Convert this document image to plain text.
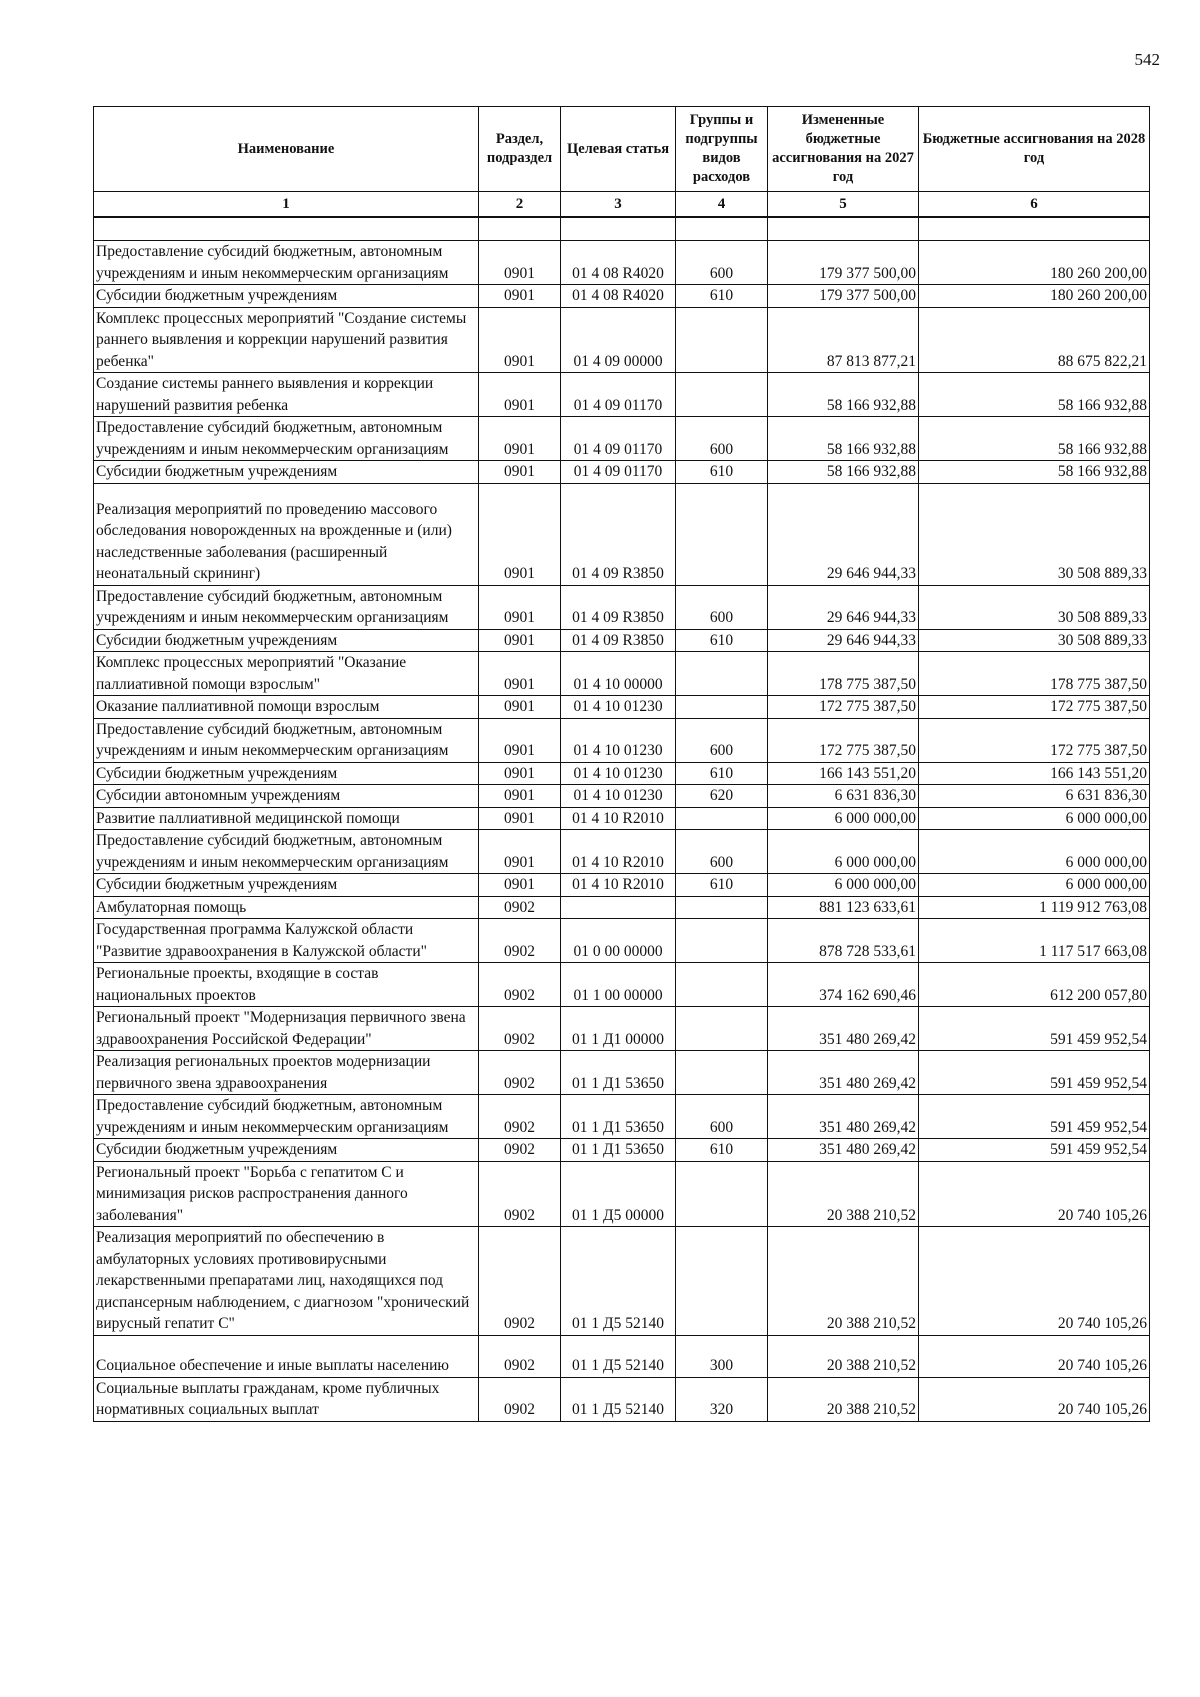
542
Наименование	Раздел, подраздел	Целевая статья	Группы и подгруппы видов расходов	Измененные бюджетные ассигнования на 2027 год	Бюджетные ассигнования на 2028 год
1	2	3	4	5	6

Предоставление субсидий бюджетным, автономным учреждениям и иным некоммерческим организациям	0901	01 4 08 R4020	600	179 377 500,00	180 260 200,00
Субсидии бюджетным учреждениям	0901	01 4 08 R4020	610	179 377 500,00	180 260 200,00
Комплекс процессных мероприятий "Создание системы раннего выявления и коррекции нарушений развития ребенка"	0901	01 4 09 00000		87 813 877,21	88 675 822,21
Создание системы раннего выявления и коррекции нарушений развития ребенка	0901	01 4 09 01170		58 166 932,88	58 166 932,88
Предоставление субсидий бюджетным, автономным учреждениям и иным некоммерческим организациям	0901	01 4 09 01170	600	58 166 932,88	58 166 932,88
Субсидии бюджетным учреждениям	0901	01 4 09 01170	610	58 166 932,88	58 166 932,88
Реализация мероприятий по проведению массового обследования новорожденных на врожденные и (или) наследственные заболевания (расширенный неонатальный скрининг)	0901	01 4 09 R3850		29 646 944,33	30 508 889,33
Предоставление субсидий бюджетным, автономным учреждениям и иным некоммерческим организациям	0901	01 4 09 R3850	600	29 646 944,33	30 508 889,33
Субсидии бюджетным учреждениям	0901	01 4 09 R3850	610	29 646 944,33	30 508 889,33
Комплекс процессных мероприятий "Оказание паллиативной помощи взрослым"	0901	01 4 10 00000		178 775 387,50	178 775 387,50
Оказание паллиативной помощи взрослым	0901	01 4 10 01230		172 775 387,50	172 775 387,50
Предоставление субсидий бюджетным, автономным учреждениям и иным некоммерческим организациям	0901	01 4 10 01230	600	172 775 387,50	172 775 387,50
Субсидии бюджетным учреждениям	0901	01 4 10 01230	610	166 143 551,20	166 143 551,20
Субсидии автономным учреждениям	0901	01 4 10 01230	620	6 631 836,30	6 631 836,30
Развитие паллиативной медицинской помощи	0901	01 4 10 R2010		6 000 000,00	6 000 000,00
Предоставление субсидий бюджетным, автономным учреждениям и иным некоммерческим организациям	0901	01 4 10 R2010	600	6 000 000,00	6 000 000,00
Субсидии бюджетным учреждениям	0901	01 4 10 R2010	610	6 000 000,00	6 000 000,00
Амбулаторная помощь	0902			881 123 633,61	1 119 912 763,08
Государственная программа Калужской области "Развитие здравоохранения в Калужской области"	0902	01 0 00 00000		878 728 533,61	1 117 517 663,08
Региональные проекты, входящие в состав национальных проектов	0902	01 1 00 00000		374 162 690,46	612 200 057,80
Региональный проект "Модернизация первичного звена здравоохранения Российской Федерации"	0902	01 1 Д1 00000		351 480 269,42	591 459 952,54
Реализация региональных проектов модернизации первичного звена здравоохранения	0902	01 1 Д1 53650		351 480 269,42	591 459 952,54
Предоставление субсидий бюджетным, автономным учреждениям и иным некоммерческим организациям	0902	01 1 Д1 53650	600	351 480 269,42	591 459 952,54
Субсидии бюджетным учреждениям	0902	01 1 Д1 53650	610	351 480 269,42	591 459 952,54
Региональный проект "Борьба с гепатитом С и минимизация рисков распространения данного заболевания"	0902	01 1 Д5 00000		20 388 210,52	20 740 105,26
Реализация мероприятий по обеспечению в амбулаторных условиях противовирусными лекарственными препаратами лиц, находящихся под диспансерным наблюдением, с диагнозом "хронический вирусный гепатит С"	0902	01 1 Д5 52140		20 388 210,52	20 740 105,26
Социальное обеспечение и иные выплаты населению	0902	01 1 Д5 52140	300	20 388 210,52	20 740 105,26
Социальные выплаты гражданам, кроме публичных нормативных социальных выплат	0902	01 1 Д5 52140	320	20 388 210,52	20 740 105,26
